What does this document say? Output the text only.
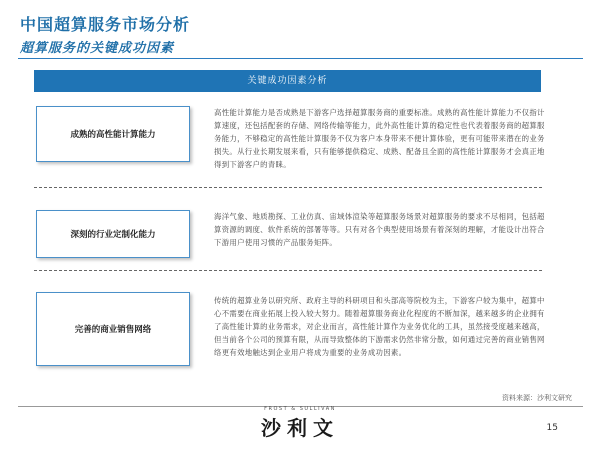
中国超算服务市场分析
超算服务的关键成功因素
关键成功因素分析
成熟的高性能计算能力
高性能计算能力是否成熟是下游客户选择超算服务商的重要标准。成熟的高性能计算能力不仅指计算速度，还包括配套的存储、网络传输等能力，此外高性能计算的稳定性也代表着服务商的超算服务能力，不够稳定的高性能计算服务不仅为客户本身带来不便计算体验，更有可能带来潜在的业务损失。从行业长期发展来看，只有能够提供稳定、成熟、配备且全面的高性能计算服务才会真正地得到下游客户的青睐。
深刻的行业定制化能力
海洋气象、地质勘探、工业仿真、宙域体渲染等超算服务场景对超算服务的要求不尽相同，包括超算资源的调度、软件系统的部署等等。只有对各个典型使用场景有着深刻的理解，才能设计出符合下游用户使用习惯的产品服务矩阵。
完善的商业销售网络
传统的超算业务以研究所、政府主导的科研项目和头部高等院校为主，下游客户较为集中，超算中心不需要在商业拓展上投入较大努力。随着超算服务商业化程度的不断加深，越来越多的企业拥有了高性能计算的业务需求，对企业而言，高性能计算作为业务优化的工具，虽然接受度越来越高，但当前各个公司的预算有限，从而导致整体的下游需求仍然非常分散，如何通过完善的商业销售网络更有效地触达到企业用户将成为重要的业务成功因素。
资料来源：沙利文研究
FROST & SULLIVAN
沙利文	15
